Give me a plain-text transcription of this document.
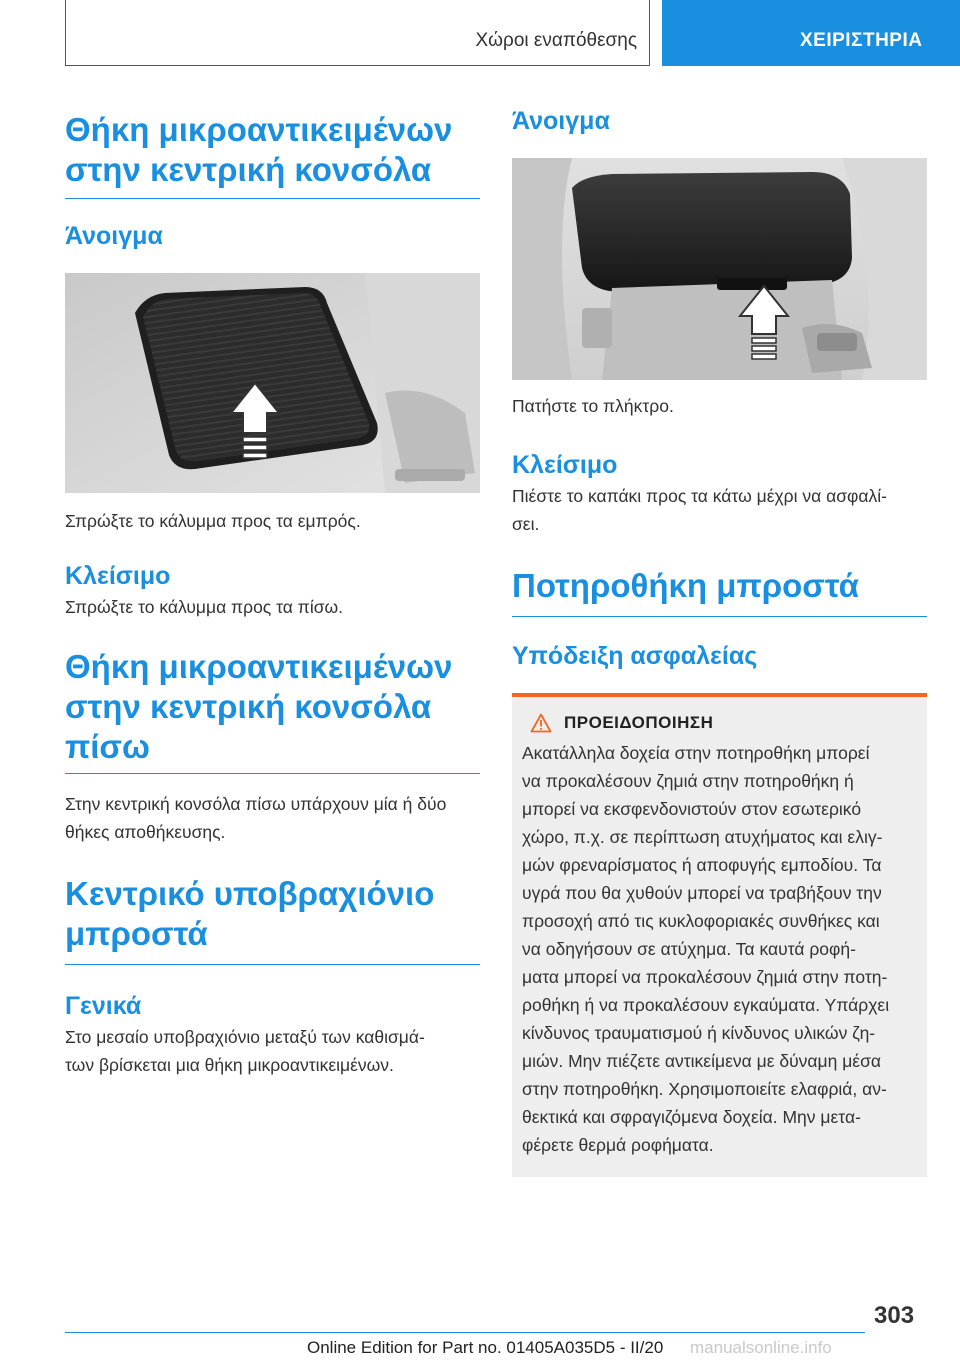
Χώροι εναπόθεσης	ΧΕΙΡΙΣΤΗΡΙΑ
Θήκη μικροαντικειμένων
στην κεντρική κονσόλα
Άνοιγμα

Σπρώξτε το κάλυμμα προς τα εμπρός.

Κλείσιμο

Σπρώξτε το κάλυμμα προς τα πίσω.

Θήκη μικροαντικειμένων
στην κεντρική κονσόλα
πίσω

Στην κεντρική κονσόλα πίσω υπάρχουν μία ή δύο
θήκες αποθήκευσης.

Κεντρικό υποβραχιόνιο
μπροστά
Γενικά

Στο μεσαίο υποβραχιόνιο μεταξύ των καθισμά-
των βρίσκεται μια θήκη μικροαντικειμένων.

Άνοιγμα

Πατήστε το πλήκτρο.

Κλείσιμο

Πιέστε το καπάκι προς τα κάτω μέχρι να ασφαλί-
σει.

Ποτηροθήκη μπροστά
Υπόδειξη ασφαλείας
ΠΡΟΕΙΔΟΠΟΙΗΣΗ
Ακατάλληλα δοχεία στην ποτηροθήκη μπορεί
να προκαλέσουν ζημιά στην ποτηροθήκη ή
μπορεί να εκσφενδονιστούν στον εσωτερικό
χώρο, π.χ. σε περίπτωση ατυχήματος και ελιγ-
μών φρεναρίσματος ή αποφυγής εμποδίου. Τα
υγρά που θα χυθούν μπορεί να τραβήξουν την
προσοχή από τις κυκλοφοριακές συνθήκες και
να οδηγήσουν σε ατύχημα. Τα καυτά ροφή-
ματα μπορεί να προκαλέσουν ζημιά στην ποτη-
ροθήκη ή να προκαλέσουν εγκαύματα. Υπάρχει
κίνδυνος τραυματισμού ή κίνδυνος υλικών ζη-
μιών. Μην πιέζετε αντικείμενα με δύναμη μέσα
στην ποτηροθήκη. Χρησιμοποιείτε ελαφριά, αν-
θεκτικά και σφραγιζόμενα δοχεία. Μην μετα-
φέρετε θερμά ροφήματα.
303
Online Edition for Part no. 01405A035D5 - II/20 manualsonline.info
